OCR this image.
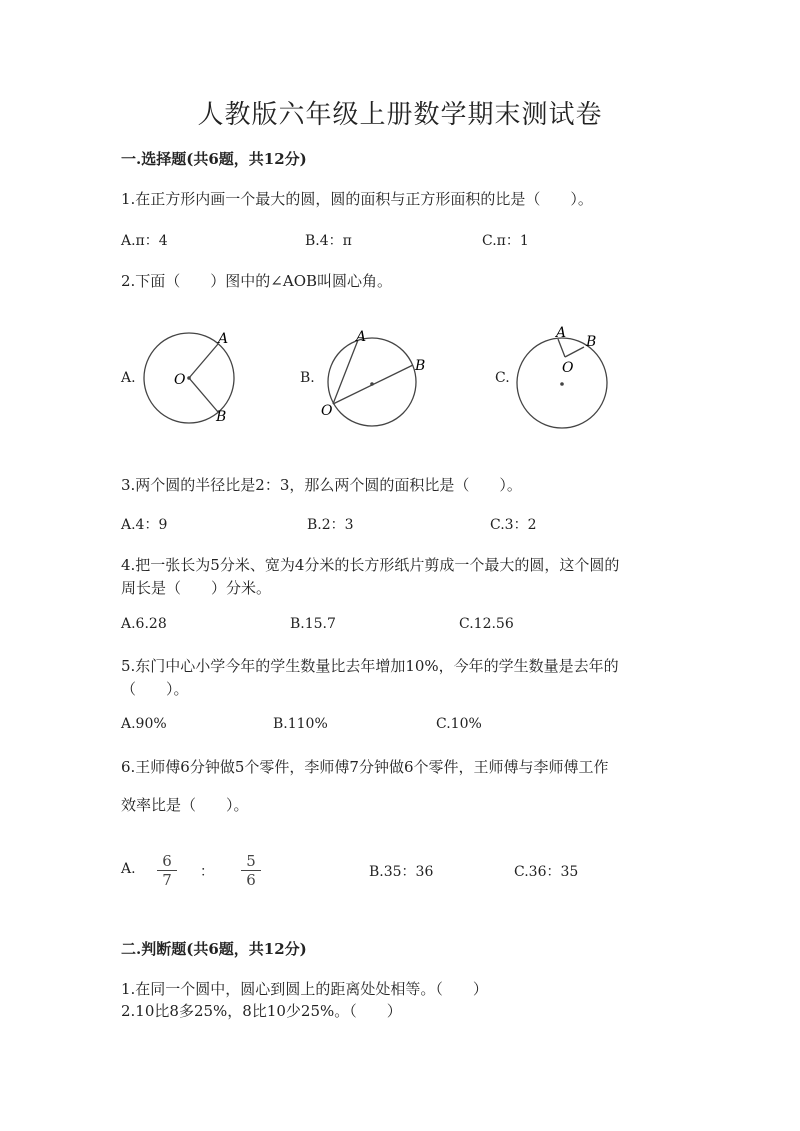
人教版六年级上册数学期末测试卷
一.选择题(共6题，共12分)
1.在正方形内画一个最大的圆，圆的面积与正方形面积的比是（　　）。
A.π：4	B.4：π	C.π：1
2.下面（　　）图中的∠AOB叫圆心角。
A.	B.	C.
O
A
B	O
A
B
A
B
O
3.两个圆的半径比是2：3，那么两个圆的面积比是（　　）。
A.4：9	B.2：3	C.3：2
4.把一张长为5分米、宽为4分米的长方形纸片剪成一个最大的圆，这个圆的
周长是（　　）分米。
A.6.28	B.15.7	C.12.56
5.东门中心小学今年的学生数量比去年增加10%，今年的学生数量是去年的
（　　）。
A.90%	B.110%	C.10%
6.王师傅6分钟做5个零件，李师傅7分钟做6个零件，王师傅与李师傅工作
效率比是（　　）。
A. $\frac{6}{7}$ ： $\frac{5}{6}$	B.35：36	C.36：35
二.判断题(共6题，共12分)
1.在同一个圆中，圆心到圆上的距离处处相等。（　　）
2.10比8多25%，8比10少25%。（　　）
